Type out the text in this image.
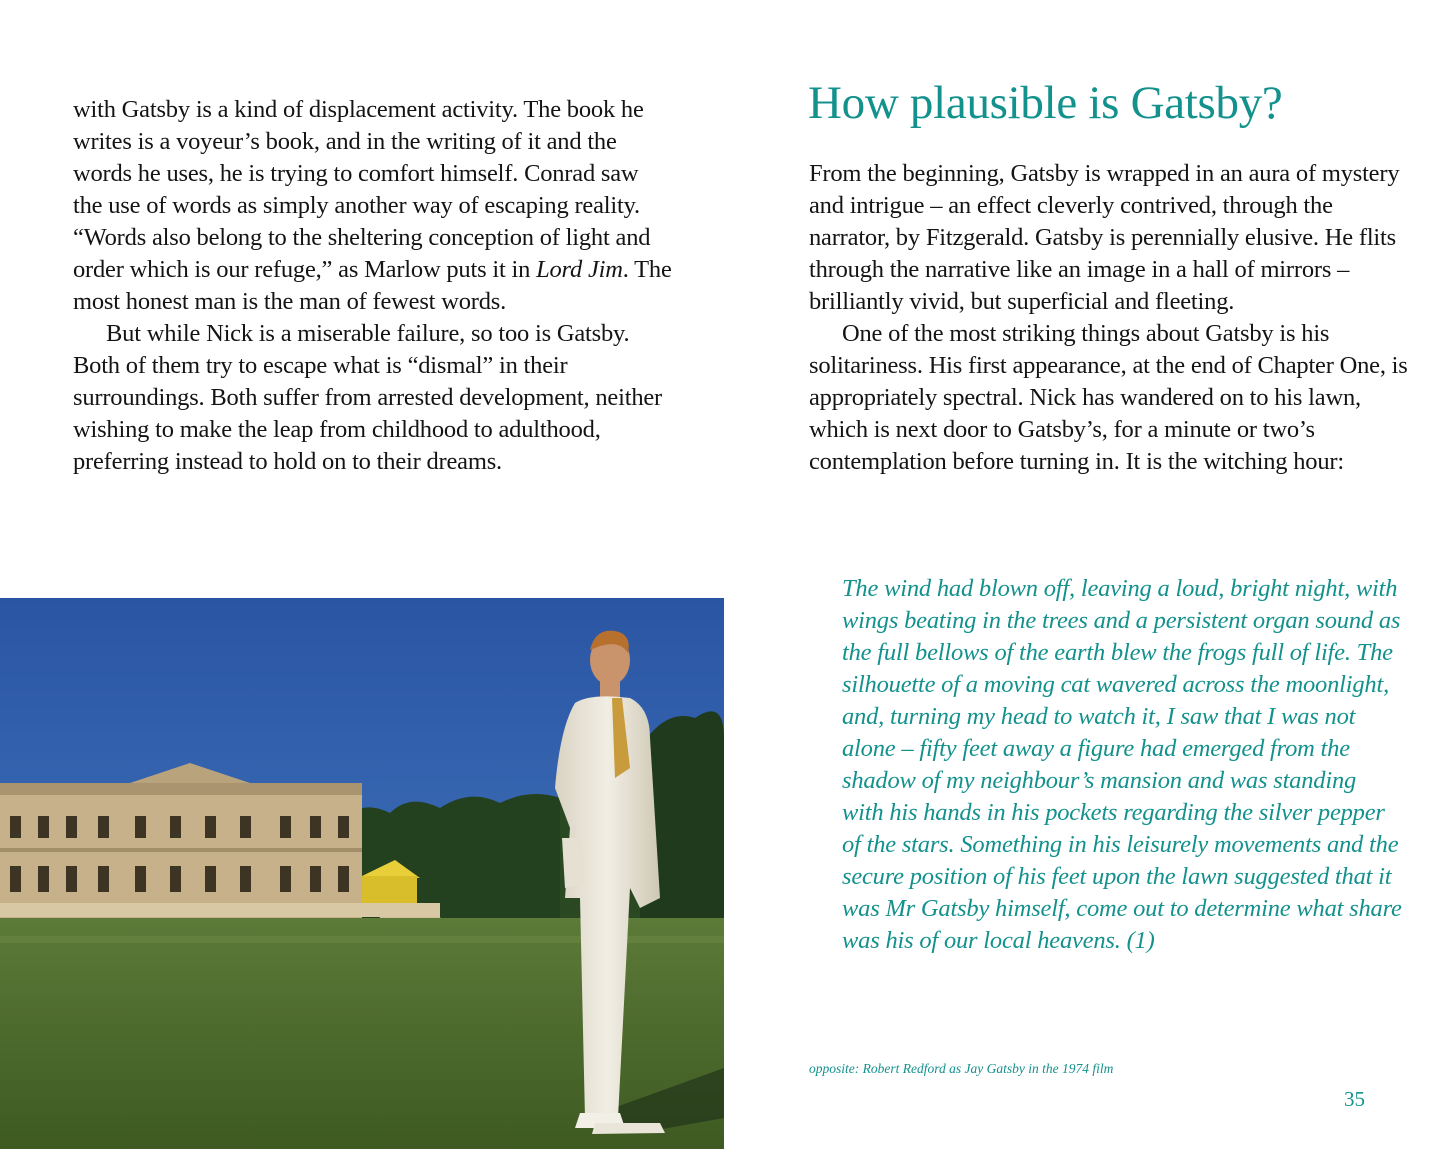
with Gatsby is a kind of displacement activity. The book he writes is a voyeur’s book, and in the writing of it and the words he uses, he is trying to comfort himself. Conrad saw the use of words as simply another way of escaping reality. “Words also belong to the sheltering conception of light and order which is our refuge,” as Marlow puts it in Lord Jim. The most honest man is the man of fewest words.

But while Nick is a miserable failure, so too is Gatsby. Both of them try to escape what is “dismal” in their surroundings. Both suffer from arrested development, neither wishing to make the leap from childhood to adulthood, preferring instead to hold on to their dreams.

How plausible is Gatsby?

From the beginning, Gatsby is wrapped in an aura of mystery and intrigue – an effect cleverly contrived, through the narrator, by Fitzgerald. Gatsby is perennially elusive. He flits through the narrative like an image in a hall of mirrors – brilliantly vivid, but superficial and fleeting.

One of the most striking things about Gatsby is his solitariness. His first appearance, at the end of Chapter One, is appropriately spectral. Nick has wandered on to his lawn, which is next door to Gatsby’s, for a minute or two’s contemplation before turning in. It is the witching hour:

The wind had blown off, leaving a loud, bright night, with wings beating in the trees and a persistent organ sound as the full bellows of the earth blew the frogs full of life. The silhouette of a moving cat wavered across the moonlight, and, turning my head to watch it, I saw that I was not alone – fifty feet away a figure had emerged from the shadow of my neighbour’s mansion and was standing with his hands in his pockets regarding the silver pepper of the stars. Something in his leisurely movements and the secure position of his feet upon the lawn suggested that it was Mr Gatsby himself, come out to determine what share was his of our local heavens. (1)

opposite: Robert Redford as Jay Gatsby in the 1974 film

35
